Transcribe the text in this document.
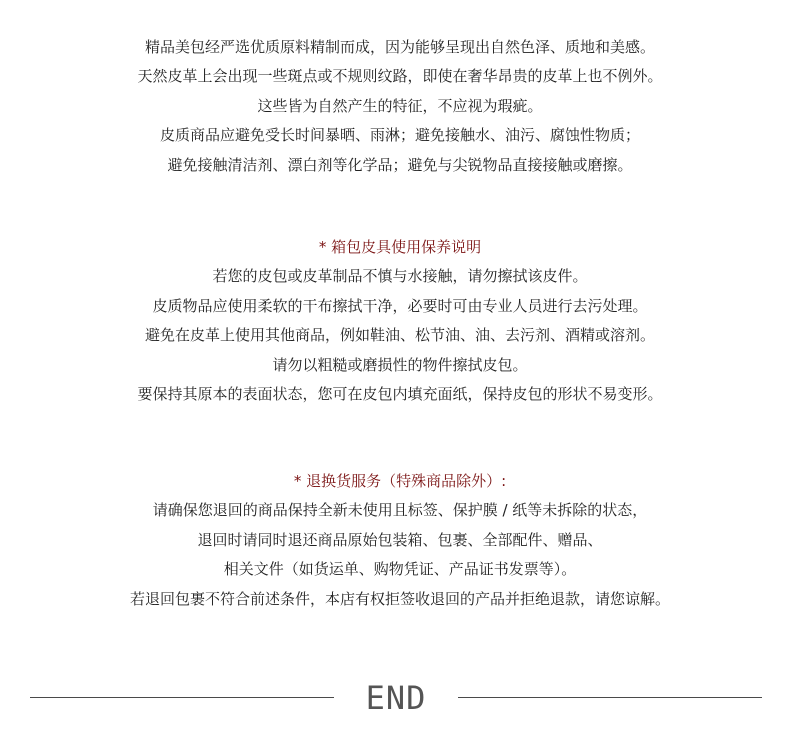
精品美包经严选优质原料精制而成，因为能够呈现出自然色泽、质地和美感。
天然皮革上会出现一些斑点或不规则纹路，即使在奢华昂贵的皮革上也不例外。
这些皆为自然产生的特征，不应视为瑕疵。
皮质商品应避免受长时间暴晒、雨淋；避免接触水、油污、腐蚀性物质；
避免接触清洁剂、漂白剂等化学品；避免与尖锐物品直接接触或磨擦。
* 箱包皮具使用保养说明
若您的皮包或皮革制品不慎与水接触，请勿擦拭该皮件。
皮质物品应使用柔软的干布擦拭干净，必要时可由专业人员进行去污处理。
避免在皮革上使用其他商品，例如鞋油、松节油、油、去污剂、酒精或溶剂。
请勿以粗糙或磨损性的物件擦拭皮包。
要保持其原本的表面状态，您可在皮包内填充面纸，保持皮包的形状不易变形。
* 退换货服务（特殊商品除外）:
请确保您退回的商品保持全新未使用且标签、保护膜 / 纸等未拆除的状态，
退回时请同时退还商品原始包装箱、包裹、全部配件、赠品、
相关文件（如货运单、购物凭证、产品证书发票等）。
若退回包裹不符合前述条件，本店有权拒签收退回的产品并拒绝退款，请您谅解。
END
